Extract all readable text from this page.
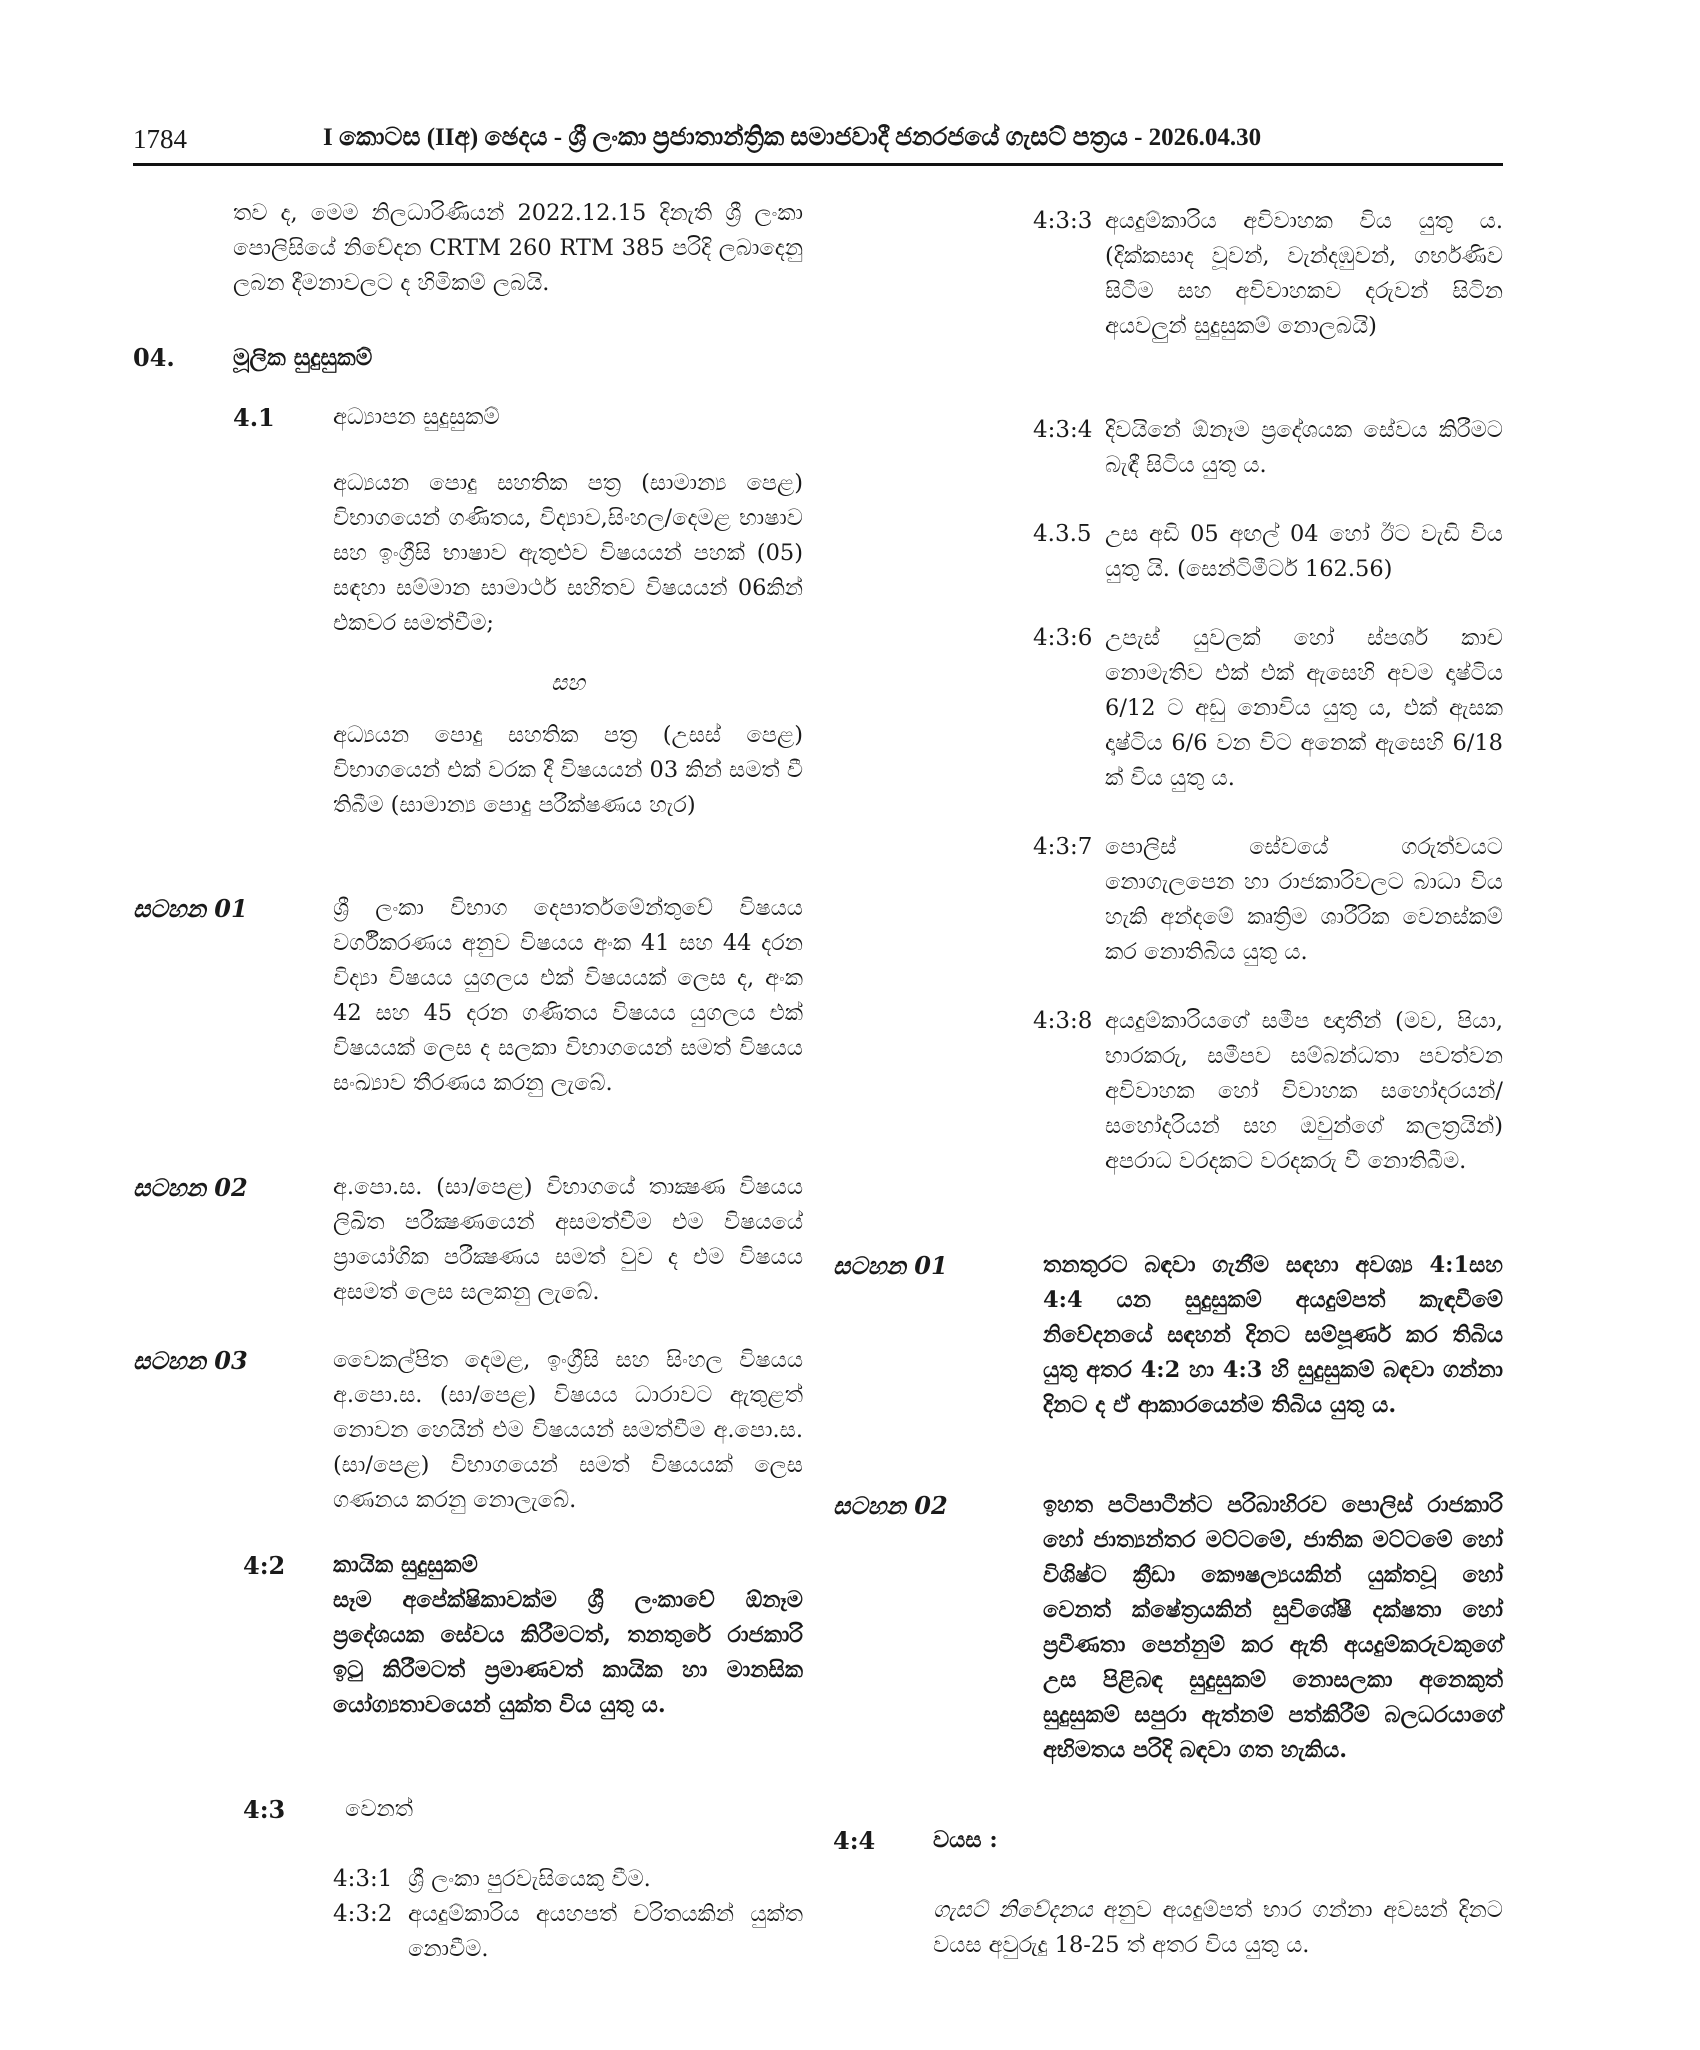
1784	I කොටස (IIඅ) ඡෙදය - ශ්‍රී ලංකා ප්‍රජාතාන්ත්‍රික සමාජවාදී ජනරජයේ ගැසට් පත්‍රය - 2026.04.30
තව ද, මෙම නිලධාරිණියන් 2022.12.15 දිනැති ශ්‍රී ලංකා පොලිසියේ නිවේදන CRTM 260 RTM 385 පරිදි ලබාදෙනු ලබන දීමනාවලට ද හිමිකම් ලබයි.
04.	මූලික සුදුසුකම්
4.1	අධ්‍යාපන සුදුසුකම්
අධ්‍යයන පොදු සහතික පත්‍ර (සාමාන්‍ය පෙළ) විභාගයෙන් ගණිතය, විද්‍යාව,සිංහල/දෙමළ භාෂාව සහ ඉංග්‍රීසි භාෂාව ඇතුළුව විෂයයන් පහක් (05) සඳහා සම්මාන සාමාර්ථ සහිතව විෂයයන් 06කින් එකවර සමත්වීම;
සහ
අධ්‍යයන පොදු සහතික පත්‍ර (උසස් පෙළ) විභාගයෙන් එක් වරක දී විෂයයන් 03 කින් සමත් වී තිබීම (සාමාන්‍ය පොදු පරීක්ෂණය හැර)
සටහන 01	ශ්‍රී ලංකා විභාග දෙපාර්තමේන්තුවේ විෂයය වර්ගීකරණය අනුව විෂයය අංක 41 සහ 44 දරන විද්‍යා විෂයය යුගලය එක් විෂයයක් ලෙස ද, අංක 42 සහ 45 දරන ගණිතය විෂයය යුගලය එක් විෂයයක් ලෙස ද සලකා විභාගයෙන් සමත් විෂයය සංඛ්‍යාව තීරණය කරනු ලැබේ.
සටහන 02	අ.පො.ස. (සා/පෙළ) විභාගයේ තාක්‍ෂණ විෂයය ලිඛිත පරීක්‍ෂණයෙන් අසමත්වීම එම විෂයයේ ප්‍රායෝගික පරීක්‍ෂණය සමත් වුව ද එම විෂයය අසමත් ලෙස සලකනු ලැබේ.
සටහන 03	වෛකල්පිත දෙමළ, ඉංග්‍රීසි සහ සිංහල විෂයය අ.පො.ස. (සා/පෙළ) විෂයය ධාරාවට ඇතුළත් නොවන හෙයින් එම විෂයයන් සමත්වීම අ.පො.ස. (සා/පෙළ) විභාගයෙන් සමත් විෂයයක් ලෙස ගණනය කරනු නොලැබේ.
4:2 කායික සුදුසුකම්
සෑම අපේක්ෂිකාවක්ම ශ්‍රී ලංකාවේ ඕනෑම ප්‍රදේශයක සේවය කිරීමටත්, තනතුරේ රාජකාරි ඉටු කිරීමටත් ප්‍රමාණවත් කායික හා මානසික යෝග්‍යතාවයෙන් යුක්ත විය යුතු ය.
4:3	වෙනත්
4:3:1 ශ්‍රී ලංකා පුරවැසියෙකු වීම.
4:3:2 අයදුම්කාරිය අයහපත් චරිතයකින් යුක්ත නොවීම.
4:3:3 අයදුම්කාරිය අවිවාහක විය යුතු ය. (දික්කසාද වූවන්, වැන්දඹුවන්, ගර්භණිව සිටීම සහ අවිවාහකව දරුවන් සිටින අයවලුන් සුදුසුකම් නොලබයි)
4:3:4 දිවයිනේ ඕනෑම ප්‍රදේශයක සේවය කිරීමට බැඳී සිටිය යුතු ය.
4.3.5 උස අඩි 05 අඟල් 04 හෝ ඊට වැඩි විය යුතු යි. (සෙන්ටිමීටර් 162.56)
4:3:6 උපැස් යුවලක් හෝ ස්පර්ශ කාච නොමැතිව එක් එක් ඇසෙහි අවම දෘෂ්ටිය 6/12 ට අඩු නොවිය යුතු ය, එක් ඇසක දෘෂ්ටිය 6/6 වන විට අනෙක් ඇසෙහි 6/18 ක් විය යුතු ය.
4:3:7 පොලිස් සේවයේ ගරුත්වයට නොගැලපෙන හා රාජකාරිවලට බාධා විය හැකි අන්දමේ කෘත්‍රිම ශාරීරික වෙනස්කම් කර නොතිබිය යුතු ය.
4:3:8 අයදුම්කාරියගේ සමීප ඥාතීන් (මව, පියා, භාරකරු, සමීපව සම්බන්ධතා පවත්වන අවිවාහක හෝ විවාහක සහෝදරයන්/ සහෝදරියන් සහ ඔවුන්ගේ කලත්‍රයින්) අපරාධ වරදකට වරදකරු වී නොතිබීම.
සටහන 01	තනතුරට බඳවා ගැනීම සඳහා අවශ්‍ය 4:1සහ 4:4 යන සුදුසුකම් අයදුම්පත් කැඳවීමේ නිවේදනයේ සඳහන් දිනට සම්පූර්ණ කර තිබිය යුතු අතර 4:2 හා 4:3 හි සුදුසුකම් බඳවා ගන්නා දිනට ද ඒ ආකාරයෙන්ම තිබිය යුතු ය.
සටහන 02	ඉහත පටිපාටීන්ට පරිබාහිරව පොලිස් රාජකාරි හෝ ජාත්‍යන්තර මට්ටමේ, ජාතික මට්ටමේ හෝ විශිෂ්ට ක්‍රීඩා කෞෂල්‍යයකින් යුක්තවූ හෝ වෙනත් ක්ෂේත්‍රයකින් සුවිශේෂී දක්ෂතා හෝ ප්‍රවීණතා පෙන්නුම් කර ඇති අයදුම්කරුවකුගේ උස පිළිබඳ සුදුසුකම් නොසලකා අනෙකුත් සුදුසුකම් සපුරා ඇත්නම් පත්කිරීම් බලධරයාගේ අභිමතය පරිදි බඳවා ගත හැකිය.
4:4	වයස :
ගැසට් නිවේදනය අනුව අයදුම්පත් භාර ගන්නා අවසන් දිනට වයස අවුරුදු 18-25 ත් අතර විය යුතු ය.
